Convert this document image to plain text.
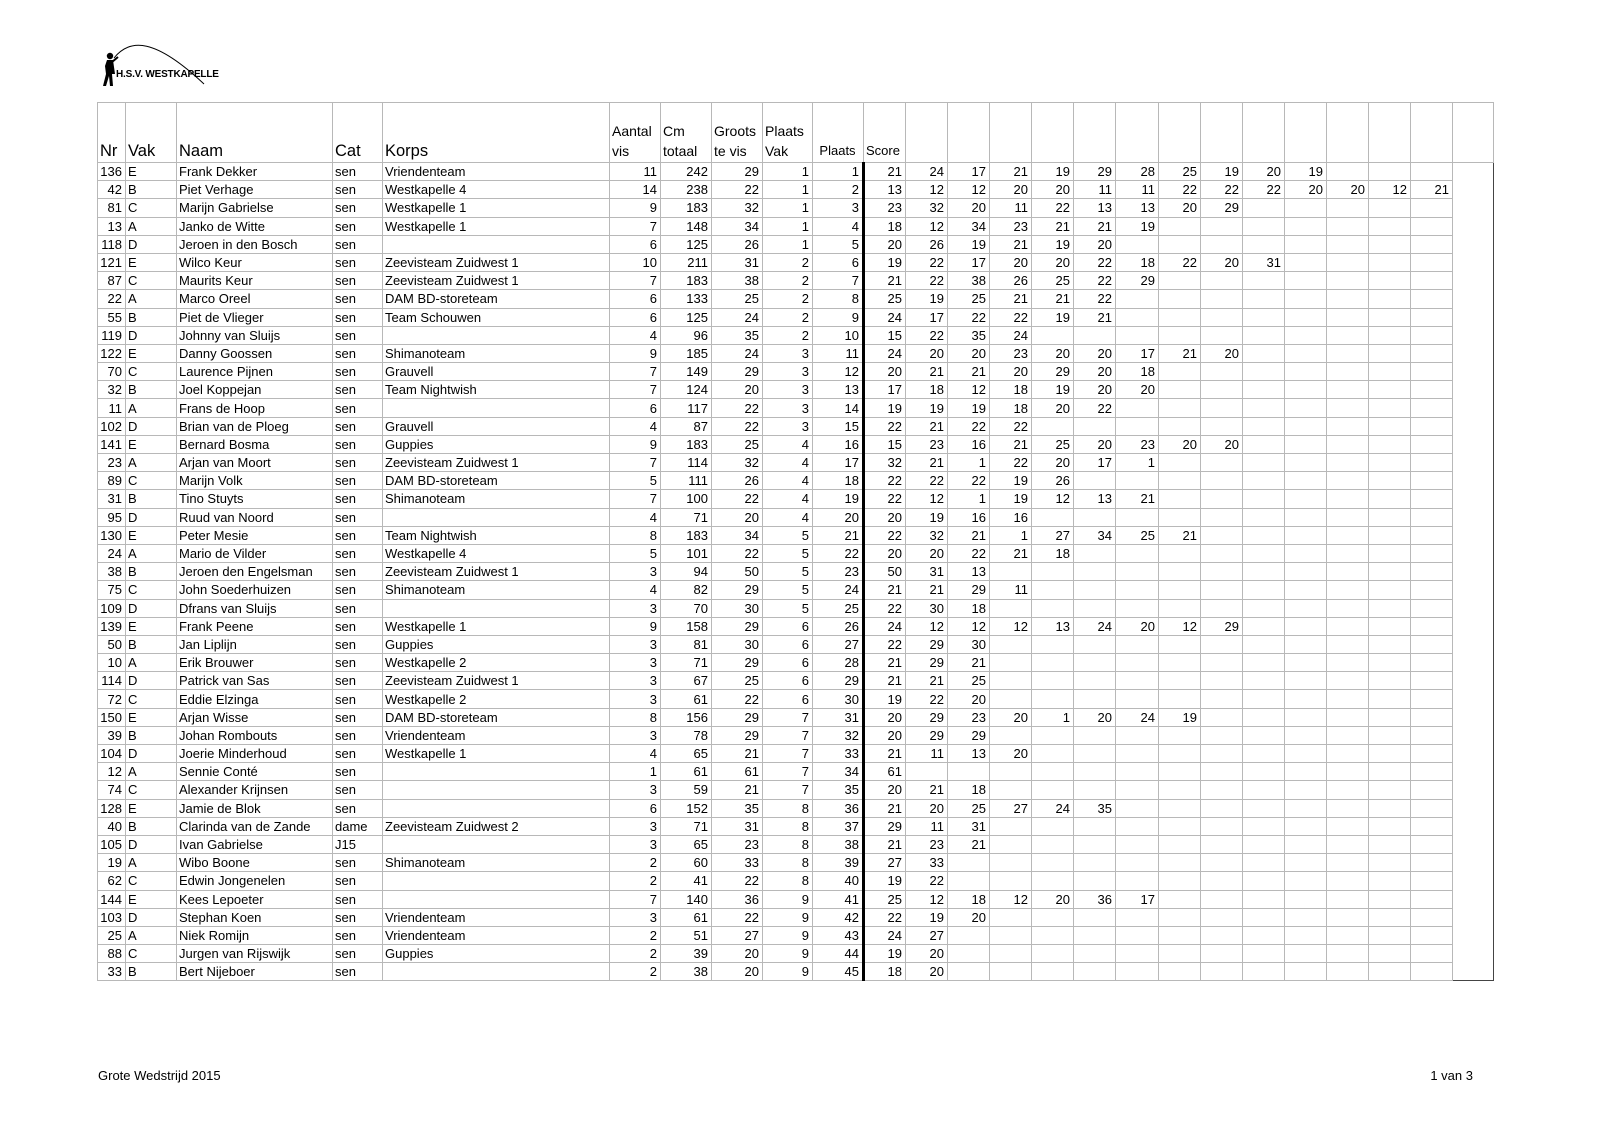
H.S.V. WESTKAPELLE
Nr	Vak	Naam	Cat	Korps	Aantal vis	Cm totaal	Groots te vis	Plaats Vak	Plaats	Score														
136	E	Frank Dekker	sen	Vriendenteam	11	242	29	1	1	21	24	17	21	19	29	28	25	19	20	19				
42	B	Piet Verhage	sen	Westkapelle 4	14	238	22	1	2	13	12	12	20	20	11	11	22	22	22	20	20	12	21	
81	C	Marijn Gabrielse	sen	Westkapelle 1	9	183	32	1	3	23	32	20	11	22	13	13	20	29						
13	A	Janko de Witte	sen	Westkapelle 1	7	148	34	1	4	18	12	34	23	21	21	19								
118	D	Jeroen in den Bosch	sen		6	125	26	1	5	20	26	19	21	19	20									
121	E	Wilco Keur	sen	Zeevisteam Zuidwest 1	10	211	31	2	6	19	22	17	20	20	22	18	22	20	31					
87	C	Maurits Keur	sen	Zeevisteam Zuidwest 1	7	183	38	2	7	21	22	38	26	25	22	29								
22	A	Marco Oreel	sen	DAM BD-storeteam	6	133	25	2	8	25	19	25	21	21	22									
55	B	Piet de Vlieger	sen	Team Schouwen	6	125	24	2	9	24	17	22	22	19	21									
119	D	Johnny van Sluijs	sen		4	96	35	2	10	15	22	35	24											
122	E	Danny Goossen	sen	Shimanoteam	9	185	24	3	11	24	20	20	23	20	20	17	21	20						
70	C	Laurence Pijnen	sen	Grauvell	7	149	29	3	12	20	21	21	20	29	20	18								
32	B	Joel Koppejan	sen	Team Nightwish	7	124	20	3	13	17	18	12	18	19	20	20								
11	A	Frans de Hoop	sen		6	117	22	3	14	19	19	19	18	20	22									
102	D	Brian van de Ploeg	sen	Grauvell	4	87	22	3	15	22	21	22	22											
141	E	Bernard Bosma	sen	Guppies	9	183	25	4	16	15	23	16	21	25	20	23	20	20						
23	A	Arjan van Moort	sen	Zeevisteam Zuidwest 1	7	114	32	4	17	32	21	1	22	20	17	1								
89	C	Marijn Volk	sen	DAM BD-storeteam	5	111	26	4	18	22	22	22	19	26										
31	B	Tino Stuyts	sen	Shimanoteam	7	100	22	4	19	22	12	1	19	12	13	21								
95	D	Ruud van Noord	sen		4	71	20	4	20	20	19	16	16											
130	E	Peter Mesie	sen	Team Nightwish	8	183	34	5	21	22	32	21	1	27	34	25	21							
24	A	Mario de Vilder	sen	Westkapelle 4	5	101	22	5	22	20	20	22	21	18										
38	B	Jeroen den Engelsman	sen	Zeevisteam Zuidwest 1	3	94	50	5	23	50	31	13												
75	C	John Soederhuizen	sen	Shimanoteam	4	82	29	5	24	21	21	29	11											
109	D	Dfrans van Sluijs	sen		3	70	30	5	25	22	30	18												
139	E	Frank Peene	sen	Westkapelle 1	9	158	29	6	26	24	12	12	12	13	24	20	12	29						
50	B	Jan Liplijn	sen	Guppies	3	81	30	6	27	22	29	30												
10	A	Erik Brouwer	sen	Westkapelle 2	3	71	29	6	28	21	29	21												
114	D	Patrick van Sas	sen	Zeevisteam Zuidwest 1	3	67	25	6	29	21	21	25												
72	C	Eddie Elzinga	sen	Westkapelle 2	3	61	22	6	30	19	22	20												
150	E	Arjan Wisse	sen	DAM BD-storeteam	8	156	29	7	31	20	29	23	20	1	20	24	19							
39	B	Johan Rombouts	sen	Vriendenteam	3	78	29	7	32	20	29	29												
104	D	Joerie Minderhoud	sen	Westkapelle 1	4	65	21	7	33	21	11	13	20											
12	A	Sennie Conté	sen		1	61	61	7	34	61														
74	C	Alexander Krijnsen	sen		3	59	21	7	35	20	21	18												
128	E	Jamie de Blok	sen		6	152	35	8	36	21	20	25	27	24	35									
40	B	Clarinda van de Zande	dame	Zeevisteam Zuidwest 2	3	71	31	8	37	29	11	31												
105	D	Ivan Gabrielse	J15		3	65	23	8	38	21	23	21												
19	A	Wibo Boone	sen	Shimanoteam	2	60	33	8	39	27	33													
62	C	Edwin Jongenelen	sen		2	41	22	8	40	19	22													
144	E	Kees Lepoeter	sen		7	140	36	9	41	25	12	18	12	20	36	17								
103	D	Stephan Koen	sen	Vriendenteam	3	61	22	9	42	22	19	20												
25	A	Niek Romijn	sen	Vriendenteam	2	51	27	9	43	24	27													
88	C	Jurgen van Rijswijk	sen	Guppies	2	39	20	9	44	19	20													
33	B	Bert Nijeboer	sen		2	38	20	9	45	18	20													
Grote Wedstrijd 2015	1 van 3
